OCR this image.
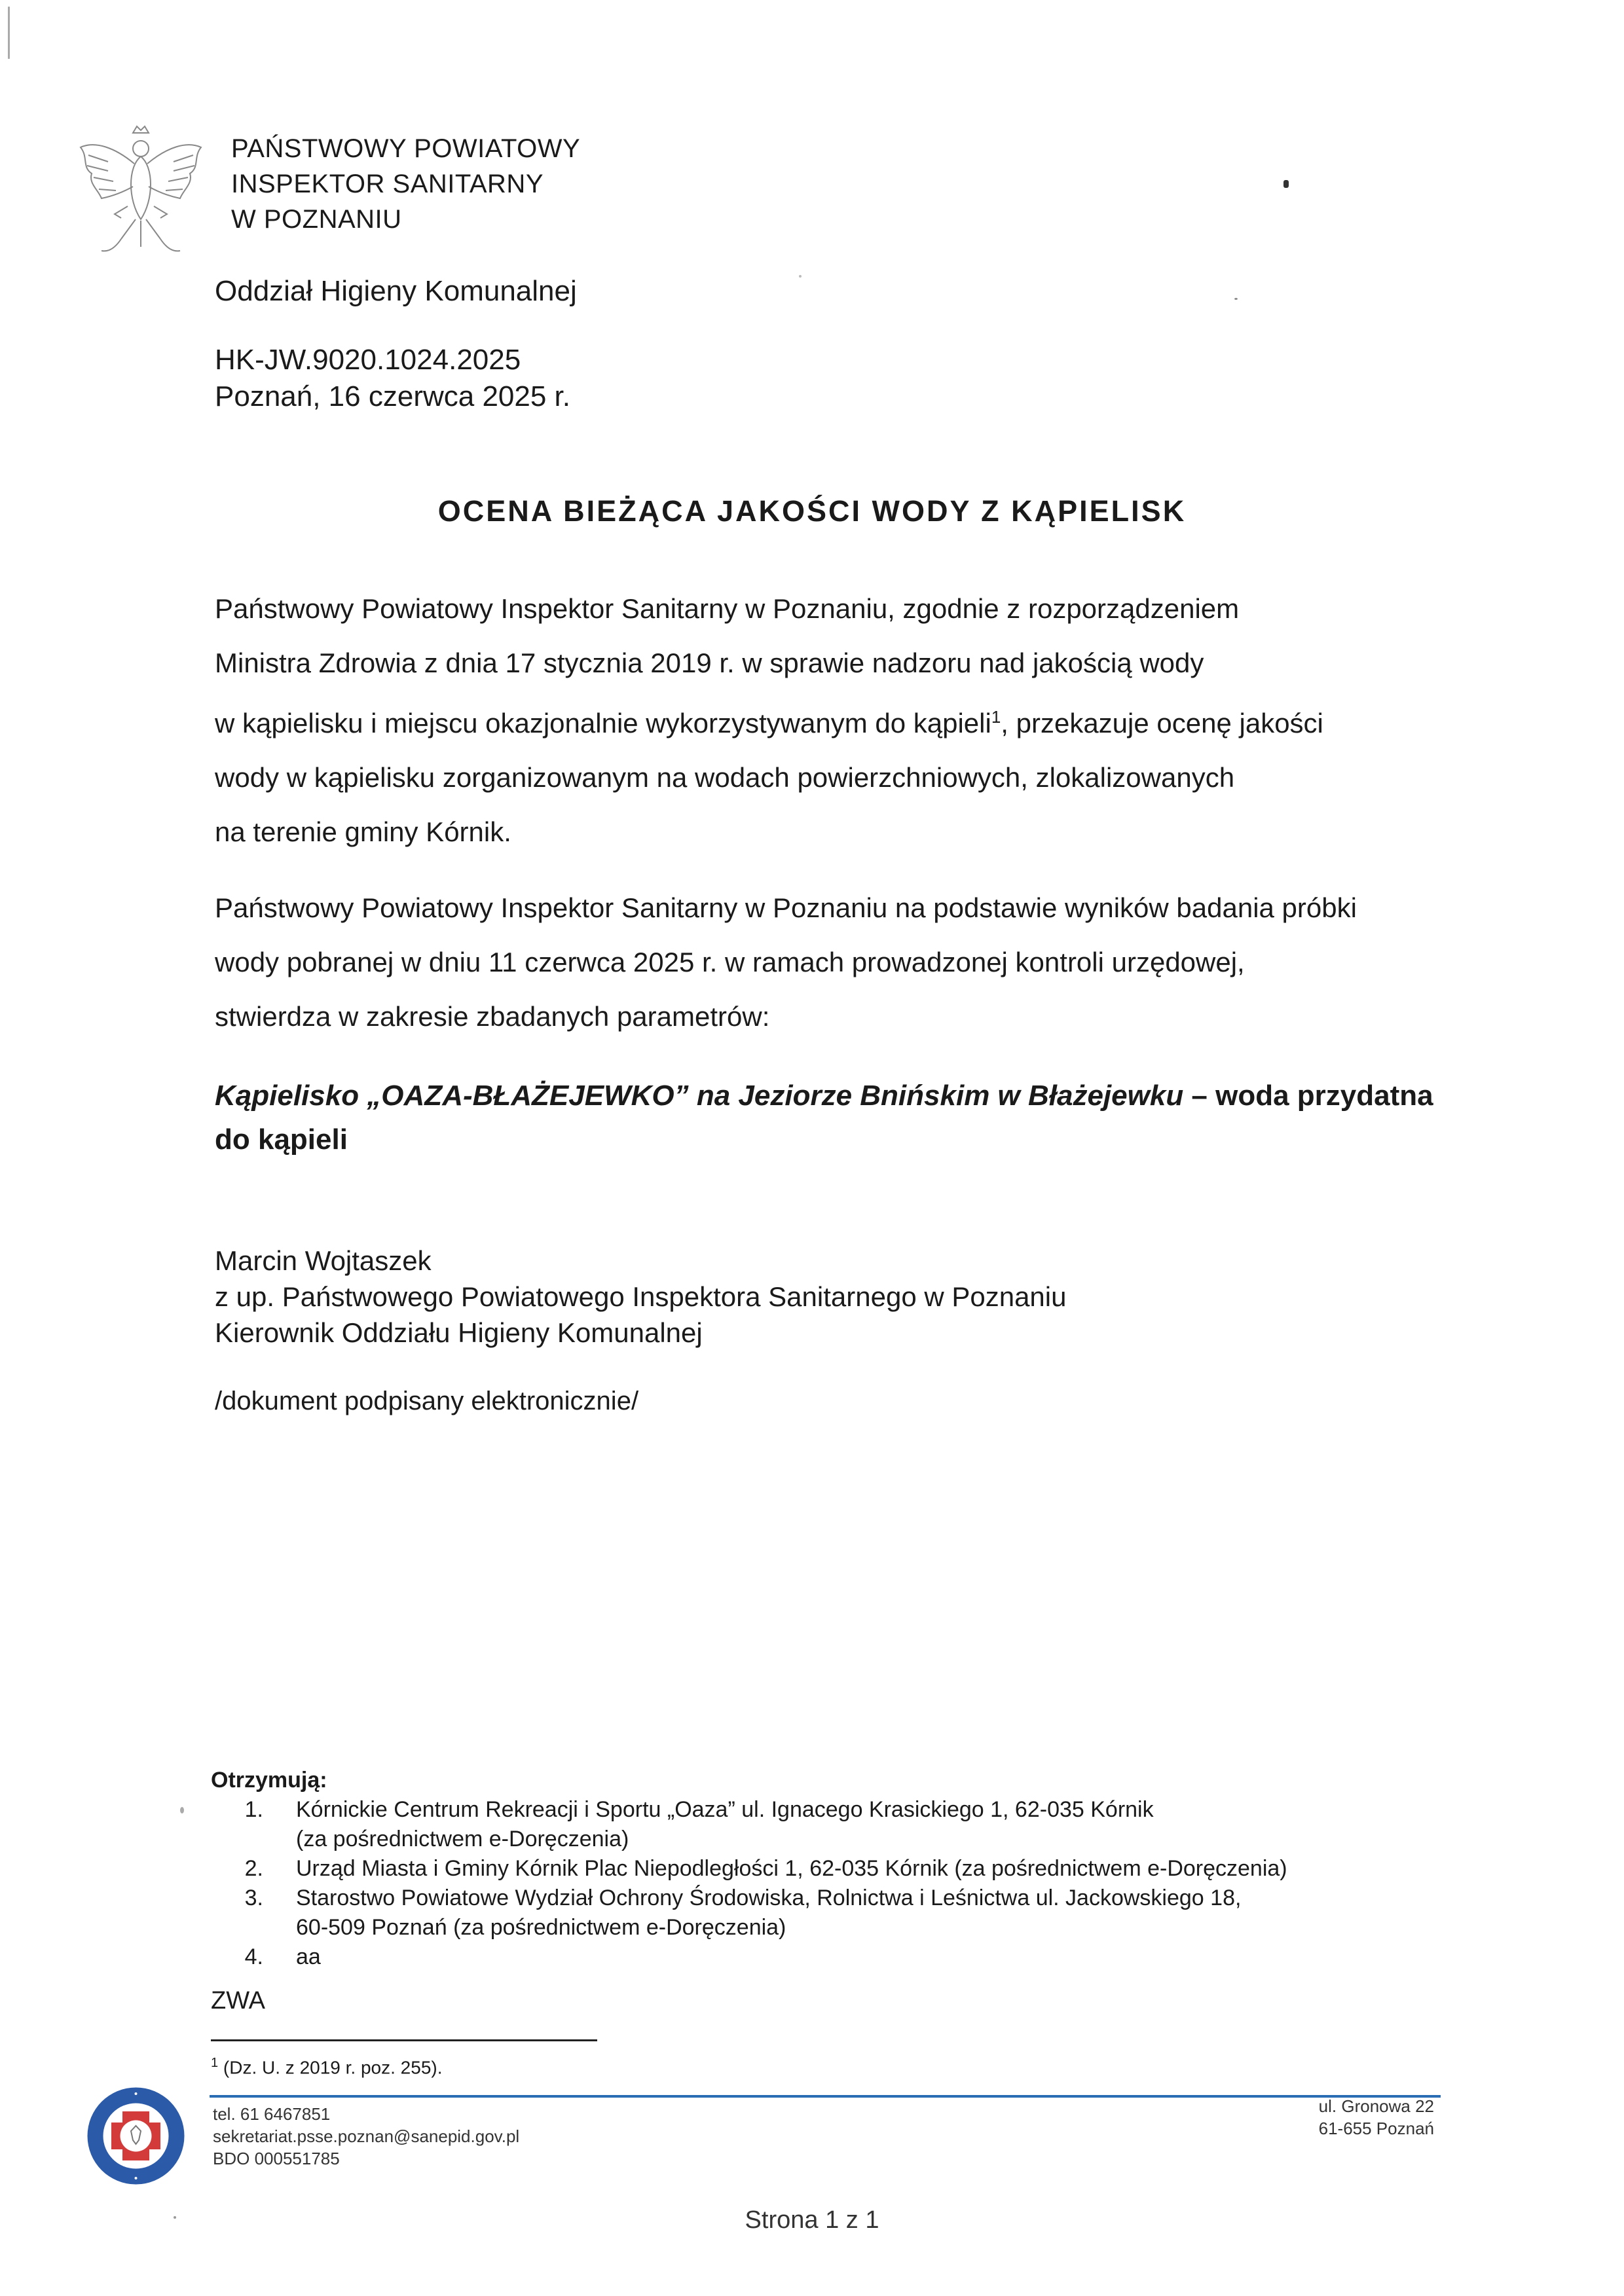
PAŃSTWOWY POWIATOWY
INSPEKTOR SANITARNY
W POZNANIU
Oddział Higieny Komunalnej
HK-JW.9020.1024.2025
Poznań, 16 czerwca 2025 r.
OCENA BIEŻĄCA JAKOŚCI WODY Z KĄPIELISK
Państwowy Powiatowy Inspektor Sanitarny w Poznaniu, zgodnie z rozporządzeniem
Ministra Zdrowia z dnia 17 stycznia 2019 r. w sprawie nadzoru nad jakością wody
w kąpielisku i miejscu okazjonalnie wykorzystywanym do kąpieli$^1$, przekazuje ocenę jakości
wody w kąpielisku zorganizowanym na wodach powierzchniowych, zlokalizowanych
na terenie gminy Kórnik.
Państwowy Powiatowy Inspektor Sanitarny w Poznaniu na podstawie wyników badania próbki
wody pobranej w dniu 11 czerwca 2025 r. w ramach prowadzonej kontroli urzędowej,
stwierdza w zakresie zbadanych parametrów:
Kąpielisko „OAZA-BŁAŻEJEWKO” na Jeziorze Bnińskim w Błażejewku – woda przydatna
do kąpieli
Marcin Wojtaszek
z up. Państwowego Powiatowego Inspektora Sanitarnego w Poznaniu
Kierownik Oddziału Higieny Komunalnej
/dokument podpisany elektronicznie/
Otrzymują:
1.	Kórnickie Centrum Rekreacji i Sportu „Oaza” ul. Ignacego Krasickiego 1, 62-035 Kórnik
(za pośrednictwem e-Doręczenia)
2.	Urząd Miasta i Gminy Kórnik Plac Niepodległości 1, 62-035 Kórnik (za pośrednictwem e-Doręczenia)
3.	Starostwo Powiatowe Wydział Ochrony Środowiska, Rolnictwa i Leśnictwa ul. Jackowskiego 18,
60-509 Poznań (za pośrednictwem e-Doręczenia)
4.	aa
ZWA
$^1$ (Dz. U. z 2019 r. poz. 255).
tel. 61 6467851
sekretariat.psse.poznan@sanepid.gov.pl
BDO 000551785
ul. Gronowa 22
61-655 Poznań
Strona 1 z 1
